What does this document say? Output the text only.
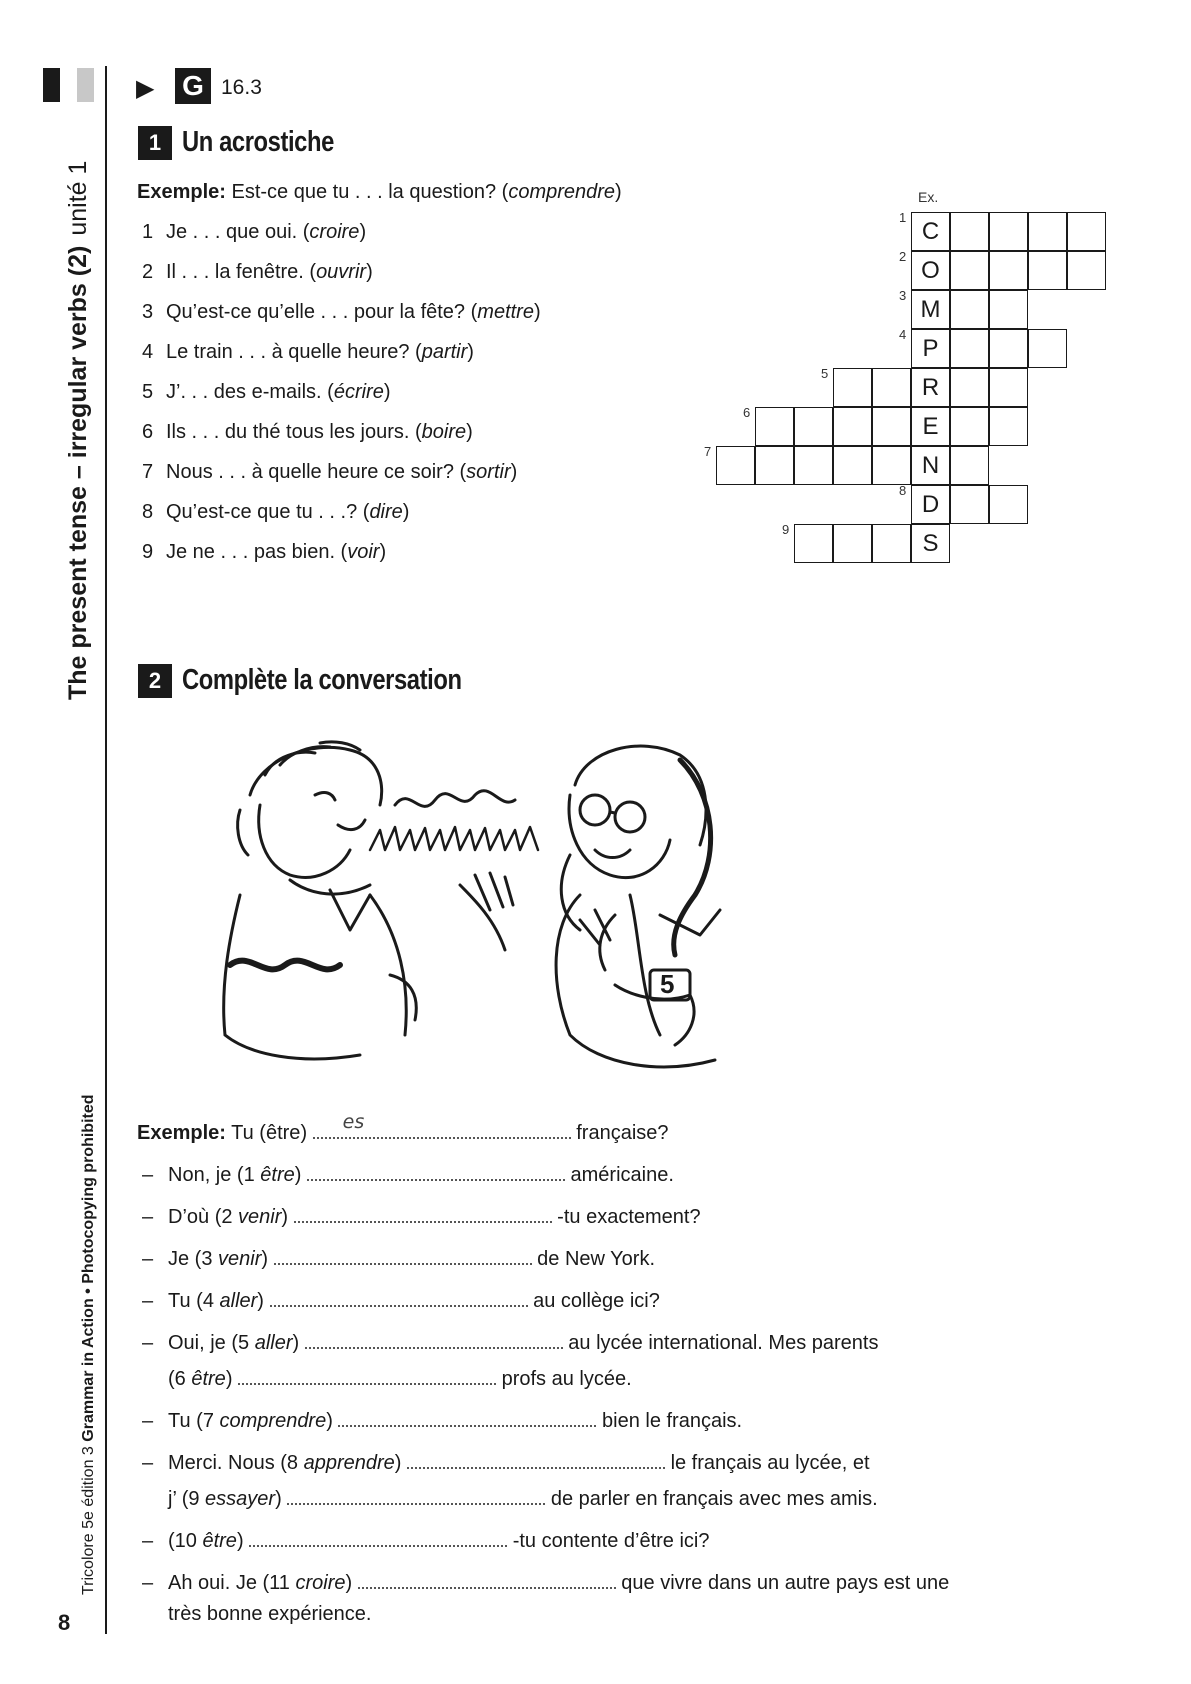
The present tense – irregular verbs (2)unité 1
Tricolore 5e édition 3 Grammar in Action • Photocopying prohibited
8
▶ G 16.3
1 Un acrostiche
Exemple: Est-ce que tu . . . la question? (comprendre)
1 Je . . . que oui. (croire)
2 Il . . . la fenêtre. (ouvrir)
3 Qu’est-ce qu’elle . . . pour la fête? (mettre)
4 Le train . . . à quelle heure? (partir)
5 J’. . . des e-mails. (écrire)
6 Ils . . . du thé tous les jours. (boire)
7 Nous . . . à quelle heure ce soir? (sortir)
8 Qu’est-ce que tu . . .? (dire)
9 Je ne . . . pas bien. (voir)
Ex.
C
1
O
2
M
3
P
4
R
5
E
6
N
7
D
8
S
9
2 Complète la conversation
5
Exemple: Tu (être) es	française?
– Non, je (1 être)	américaine.
– D’où (2 venir)	-tu exactement?
– Je (3 venir)	de New York.
– Tu (4 aller)	au collège ici?
– Oui, je (5 aller)	au lycée international. Mes parents
(6 être)	profs au lycée.
– Tu (7 comprendre)	bien le français.
– Merci. Nous (8 apprendre)	le français au lycée, et
j’ (9 essayer)	de parler en français avec mes amis.
– (10 être)	-tu contente d’être ici?
– Ah oui. Je (11 croire)	que vivre dans un autre pays est une
très bonne expérience.
